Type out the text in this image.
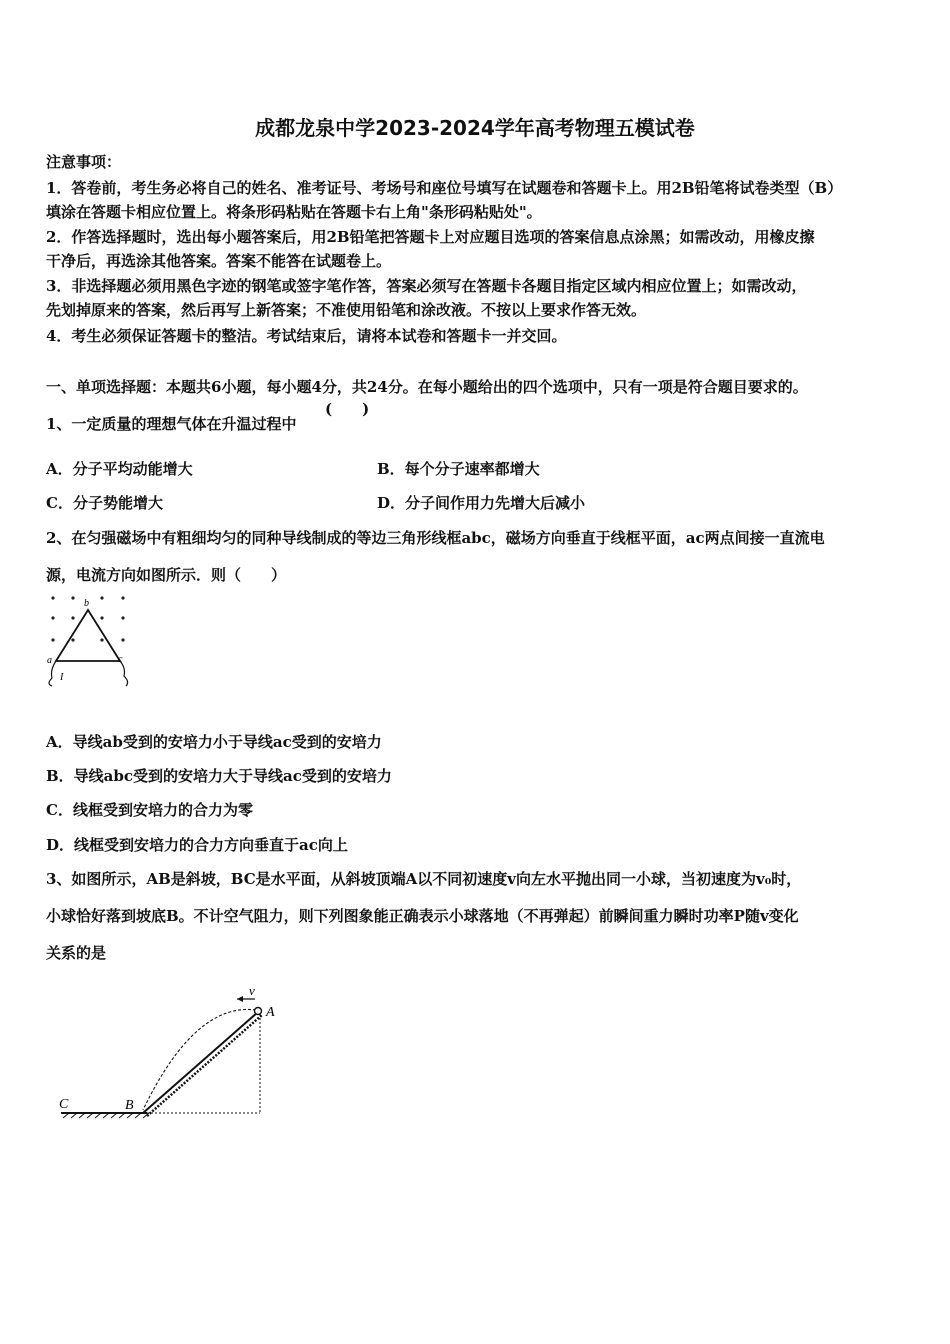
成都龙泉中学2023-2024学年高考物理五模试卷
注意事项：
1．答卷前，考生务必将自己的姓名、准考证号、考场号和座位号填写在试题卷和答题卡上。用2B铅笔将试卷类型（B）
填涂在答题卡相应位置上。将条形码粘贴在答题卡右上角"条形码粘贴处"。
2．作答选择题时，选出每小题答案后，用2B铅笔把答题卡上对应题目选项的答案信息点涂黑；如需改动，用橡皮擦
干净后，再选涂其他答案。答案不能答在试题卷上。
3．非选择题必须用黑色字迹的钢笔或签字笔作答，答案必须写在答题卡各题目指定区域内相应位置上；如需改动，
先划掉原来的答案，然后再写上新答案；不准使用铅笔和涂改液。不按以上要求作答无效。
4．考生必须保证答题卡的整洁。考试结束后，请将本试卷和答题卡一并交回。
一、单项选择题：本题共6小题，每小题4分，共24分。在每小题给出的四个选项中，只有一项是符合题目要求的。
1、一定质量的理想气体在升温过程中
(　　)
A．分子平均动能增大	B．每个分子速率都增大
C．分子势能增大	D．分子间作用力先增大后减小
2、在匀强磁场中有粗细均匀的同种导线制成的等边三角形线框abc，磁场方向垂直于线框平面，ac两点间接一直流电
源，电流方向如图所示．则（　　）
b
a	c
I
A．导线ab受到的安培力小于导线ac受到的安培力
B．导线abc受到的安培力大于导线ac受到的安培力
C．线框受到安培力的合力为零
D．线框受到安培力的合力方向垂直于ac向上
3、如图所示，AB是斜坡，BC是水平面，从斜坡顶端A以不同初速度v向左水平抛出同一小球，当初速度为v₀时，
小球恰好落到坡底B。不计空气阻力，则下列图象能正确表示小球落地（不再弹起）前瞬间重力瞬时功率P随v变化
关系的是
v
A
B
C
